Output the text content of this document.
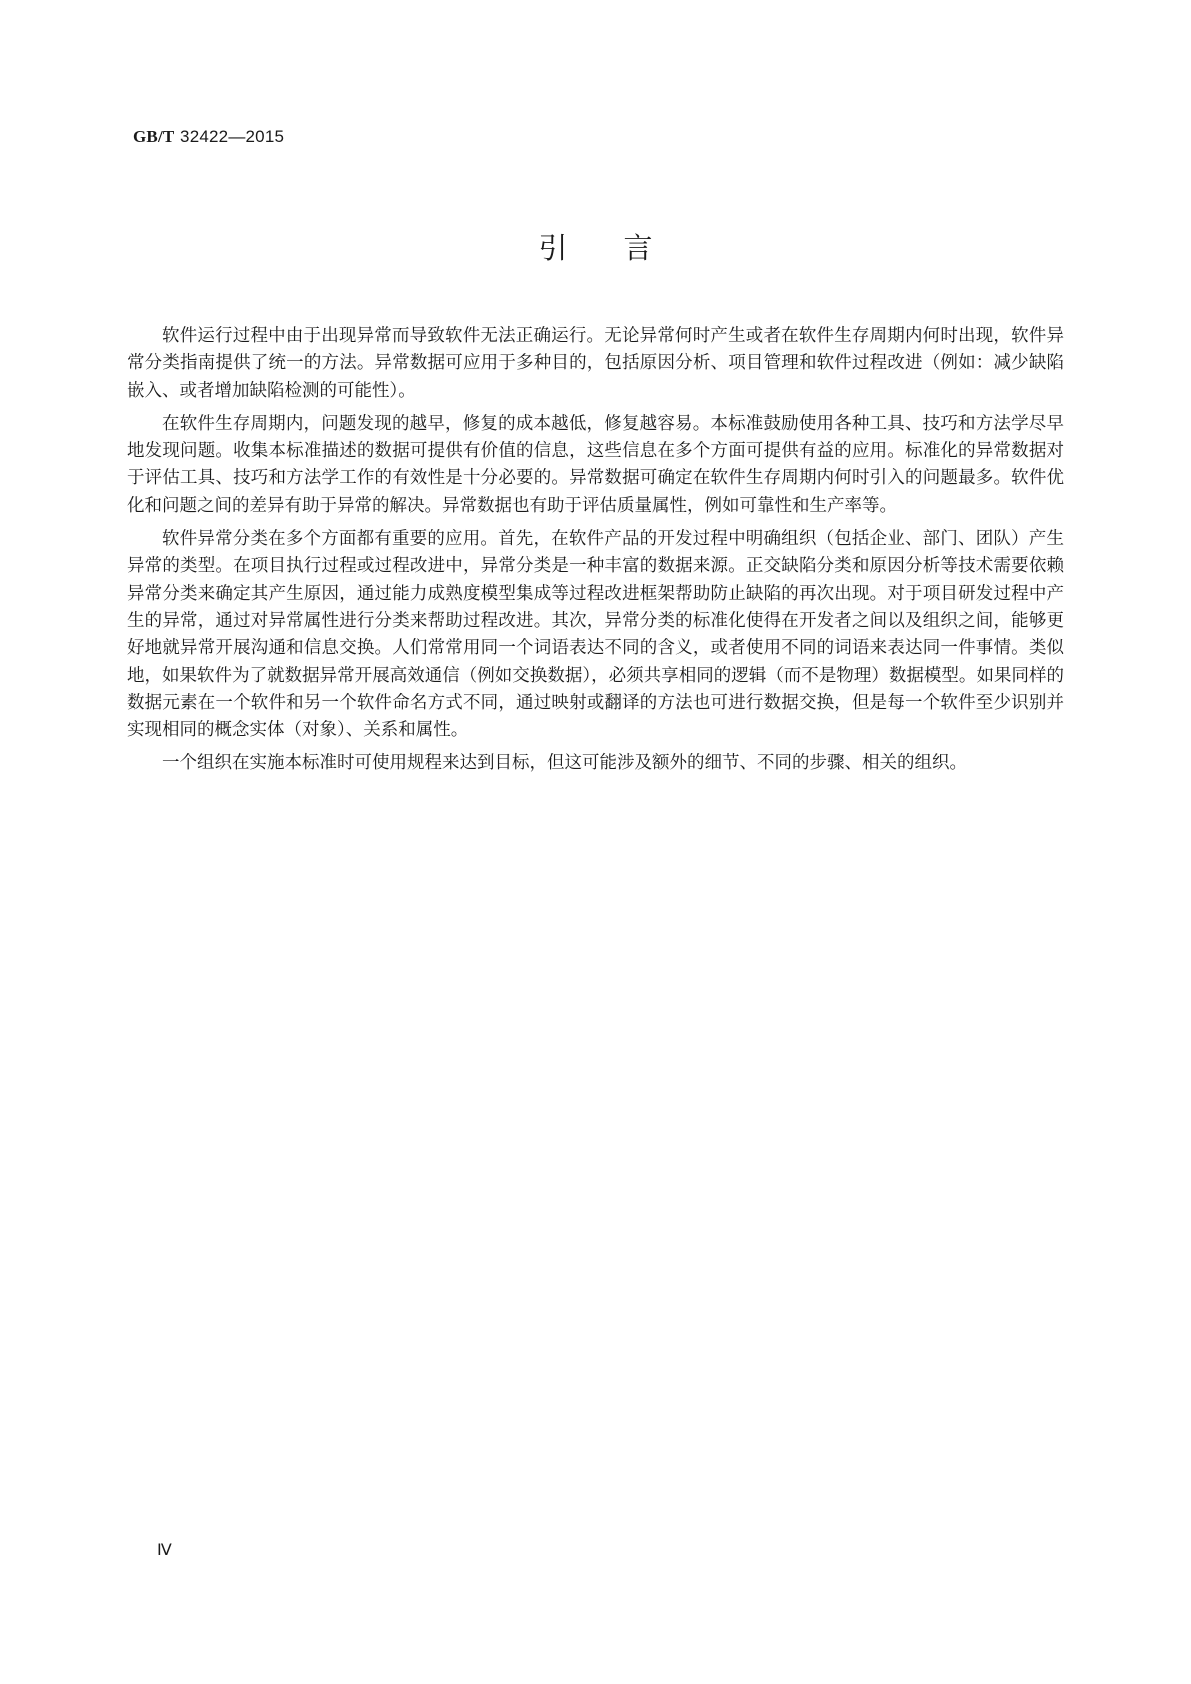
GB/T 32422—2015
引言

软件运行过程中由于出现异常而导致软件无法正确运行。无论异常何时产生或者在软件生存周期内何时出现，软件异常分类指南提供了统一的方法。异常数据可应用于多种目的，包括原因分析、项目管理和软件过程改进（例如：减少缺陷嵌入、或者增加缺陷检测的可能性）。

在软件生存周期内，问题发现的越早，修复的成本越低，修复越容易。本标准鼓励使用各种工具、技巧和方法学尽早地发现问题。收集本标准描述的数据可提供有价值的信息，这些信息在多个方面可提供有益的应用。标准化的异常数据对于评估工具、技巧和方法学工作的有效性是十分必要的。异常数据可确定在软件生存周期内何时引入的问题最多。软件优化和问题之间的差异有助于异常的解决。异常数据也有助于评估质量属性，例如可靠性和生产率等。

软件异常分类在多个方面都有重要的应用。首先，在软件产品的开发过程中明确组织（包括企业、部门、团队）产生异常的类型。在项目执行过程或过程改进中，异常分类是一种丰富的数据来源。正交缺陷分类和原因分析等技术需要依赖异常分类来确定其产生原因，通过能力成熟度模型集成等过程改进框架帮助防止缺陷的再次出现。对于项目研发过程中产生的异常，通过对异常属性进行分类来帮助过程改进。其次，异常分类的标准化使得在开发者之间以及组织之间，能够更好地就异常开展沟通和信息交换。人们常常用同一个词语表达不同的含义，或者使用不同的词语来表达同一件事情。类似地，如果软件为了就数据异常开展高效通信（例如交换数据），必须共享相同的逻辑（而不是物理）数据模型。如果同样的数据元素在一个软件和另一个软件命名方式不同，通过映射或翻译的方法也可进行数据交换，但是每一个软件至少识别并实现相同的概念实体（对象）、关系和属性。

一个组织在实施本标准时可使用规程来达到目标，但这可能涉及额外的细节、不同的步骤、相关的组织。

Ⅳ
